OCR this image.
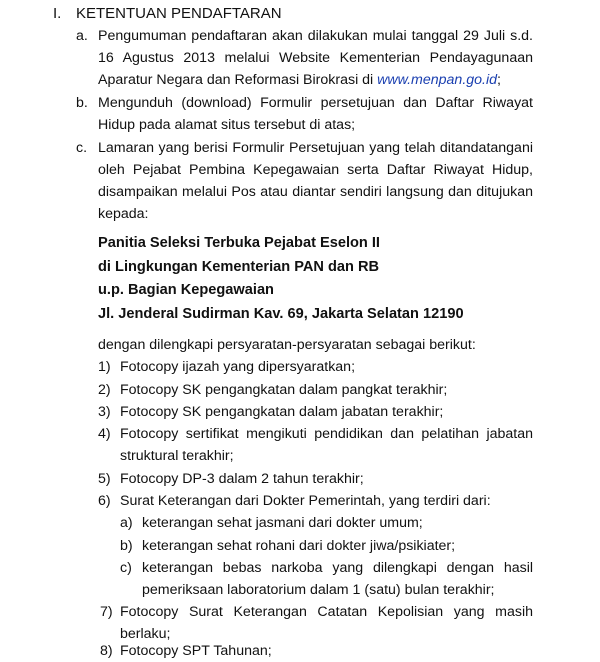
I. KETENTUAN PENDAFTARAN
a. Pengumuman pendaftaran akan dilakukan mulai tanggal 29 Juli s.d.
16 Agustus 2013 melalui Website Kementerian Pendayagunaan
Aparatur Negara dan Reformasi Birokrasi di www.menpan.go.id;
b. Mengunduh (download) Formulir persetujuan dan Daftar Riwayat
Hidup pada alamat situs tersebut di atas;
c. Lamaran yang berisi Formulir Persetujuan yang telah ditandatangani
oleh Pejabat Pembina Kepegawaian serta Daftar Riwayat Hidup,
disampaikan melalui Pos atau diantar sendiri langsung dan ditujukan
kepada:
Panitia Seleksi Terbuka Pejabat Eselon II
di Lingkungan Kementerian PAN dan RB
u.p. Bagian Kepegawaian
Jl. Jenderal Sudirman Kav. 69, Jakarta Selatan 12190
dengan dilengkapi persyaratan-persyaratan sebagai berikut:
1) Fotocopy ijazah yang dipersyaratkan;
2) Fotocopy SK pengangkatan dalam pangkat terakhir;
3) Fotocopy SK pengangkatan dalam jabatan terakhir;
4) Fotocopy sertifikat mengikuti pendidikan dan pelatihan jabatan
struktural terakhir;
5) Fotocopy DP-3 dalam 2 tahun terakhir;
6) Surat Keterangan dari Dokter Pemerintah, yang terdiri dari:
a) keterangan sehat jasmani dari dokter umum;
b) keterangan sehat rohani dari dokter jiwa/psikiater;
c) keterangan bebas narkoba yang dilengkapi dengan hasil
pemeriksaan laboratorium dalam 1 (satu) bulan terakhir;
7) Fotocopy Surat Keterangan Catatan Kepolisian yang masih
berlaku;
8) Fotocopy SPT Tahunan;
